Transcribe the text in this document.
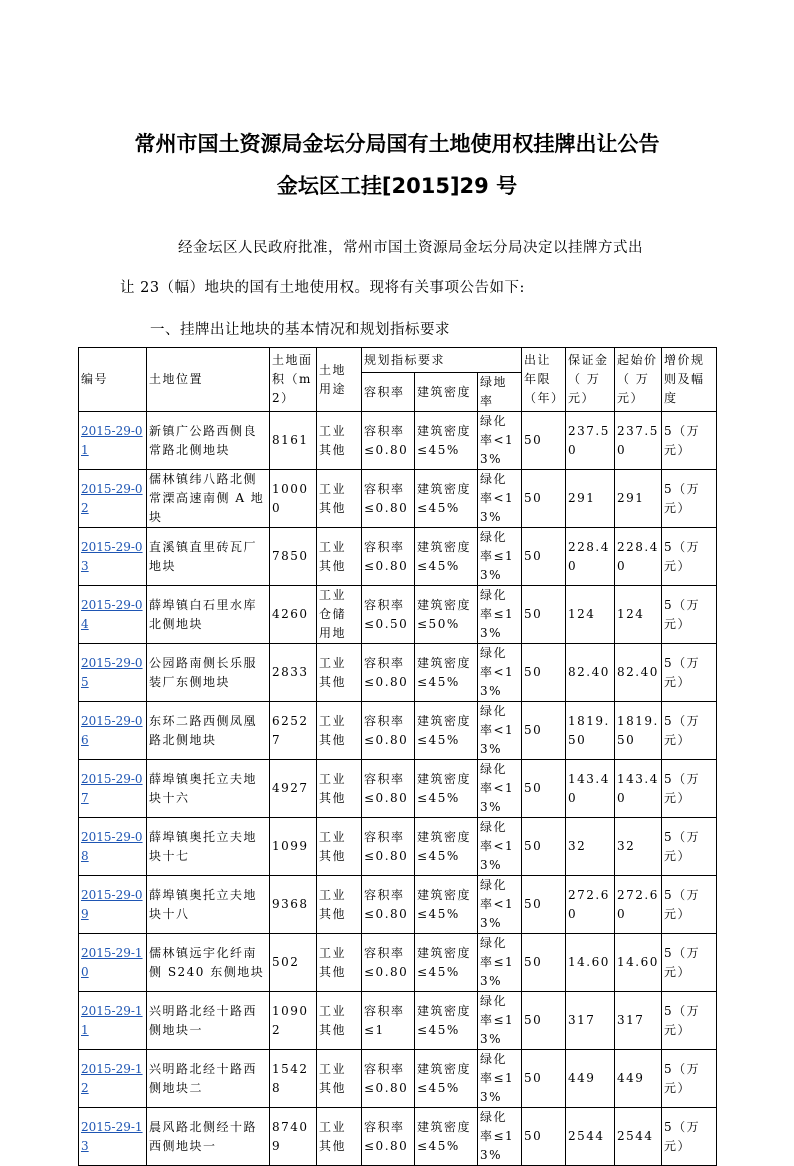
常州市国土资源局金坛分局国有土地使用权挂牌出让公告
金坛区工挂[2015]29 号
经金坛区人民政府批准，常州市国土资源局金坛分局决定以挂牌方式出
让 23（幅）地块的国有土地使用权。现将有关事项公告如下:
一、挂牌出让地块的基本情况和规划指标要求
编号	土地位置	土地面积（m2）	土地用途	规划指标要求			出让年限（年）	保证金（ 万元）	起始价（ 万元）	增价规则及幅度
				容积率	建筑密度	绿地率				
2015-29-01	新镇广公路西侧良常路北侧地块	8161	工业其他	容积率≤0.80	建筑密度≤45%	绿化率<13%	50	237.50	237.50	5（万元）
2015-29-02	儒林镇纬八路北侧常溧高速南侧 A 地块	10000	工业其他	容积率≤0.80	建筑密度≤45%	绿化率<13%	50	291	291	5（万元）
2015-29-03	直溪镇直里砖瓦厂地块	7850	工业其他	容积率≤0.80	建筑密度≤45%	绿化率≤13%	50	228.40	228.40	5（万元）
2015-29-04	薛埠镇白石里水库北侧地块	4260	工业仓储用地	容积率≤0.50	建筑密度≤50%	绿化率≤13%	50	124	124	5（万元）
2015-29-05	公园路南侧长乐服装厂东侧地块	2833	工业其他	容积率≤0.80	建筑密度≤45%	绿化率<13%	50	82.40	82.40	5（万元）
2015-29-06	东环二路西侧凤凰路北侧地块	62527	工业其他	容积率≤0.80	建筑密度≤45%	绿化率<13%	50	1819.50	1819.50	5（万元）
2015-29-07	薛埠镇奥托立夫地块十六	4927	工业其他	容积率≤0.80	建筑密度≤45%	绿化率<13%	50	143.40	143.40	5（万元）
2015-29-08	薛埠镇奥托立夫地块十七	1099	工业其他	容积率≤0.80	建筑密度≤45%	绿化率<13%	50	32	32	5（万元）
2015-29-09	薛埠镇奥托立夫地块十八	9368	工业其他	容积率≤0.80	建筑密度≤45%	绿化率<13%	50	272.60	272.60	5（万元）
2015-29-10	儒林镇远宇化纤南侧 S240 东侧地块	502	工业其他	容积率≤0.80	建筑密度≤45%	绿化率≤13%	50	14.60	14.60	5（万元）
2015-29-11	兴明路北经十路西侧地块一	10902	工业其他	容积率≤1	建筑密度≤45%	绿化率≤13%	50	317	317	5（万元）
2015-29-12	兴明路北经十路西侧地块二	15428	工业其他	容积率≤0.80	建筑密度≤45%	绿化率≤13%	50	449	449	5（万元）
2015-29-13	晨风路北侧经十路西侧地块一	87409	工业其他	容积率≤0.80	建筑密度≤45%	绿化率≤13%	50	2544	2544	5（万元）
